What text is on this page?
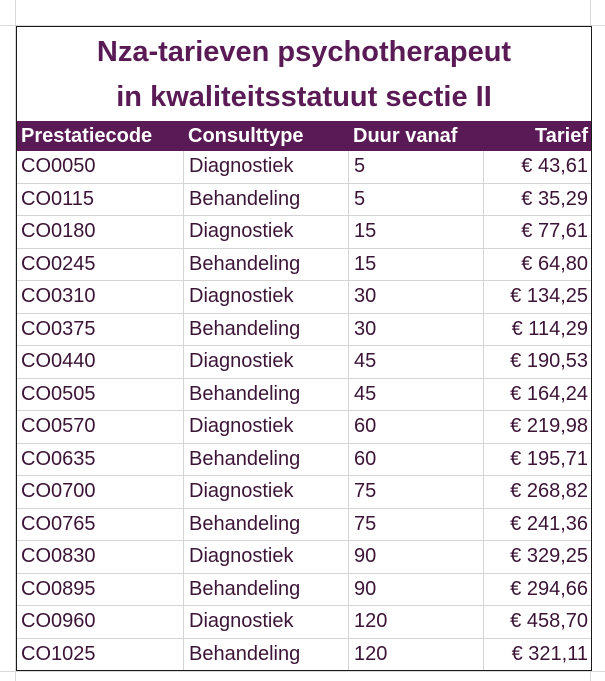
Nza-tarieven psychotherapeut
in kwaliteitsstatuut sectie II
Prestatiecode	Consulttype	Duur vanaf	Tarief
CO0050	Diagnostiek	5	€ 43,61
CO0115	Behandeling	5	€ 35,29
CO0180	Diagnostiek	15	€ 77,61
CO0245	Behandeling	15	€ 64,80
CO0310	Diagnostiek	30	€ 134,25
CO0375	Behandeling	30	€ 114,29
CO0440	Diagnostiek	45	€ 190,53
CO0505	Behandeling	45	€ 164,24
CO0570	Diagnostiek	60	€ 219,98
CO0635	Behandeling	60	€ 195,71
CO0700	Diagnostiek	75	€ 268,82
CO0765	Behandeling	75	€ 241,36
CO0830	Diagnostiek	90	€ 329,25
CO0895	Behandeling	90	€ 294,66
CO0960	Diagnostiek	120	€ 458,70
CO1025	Behandeling	120	€ 321,11
